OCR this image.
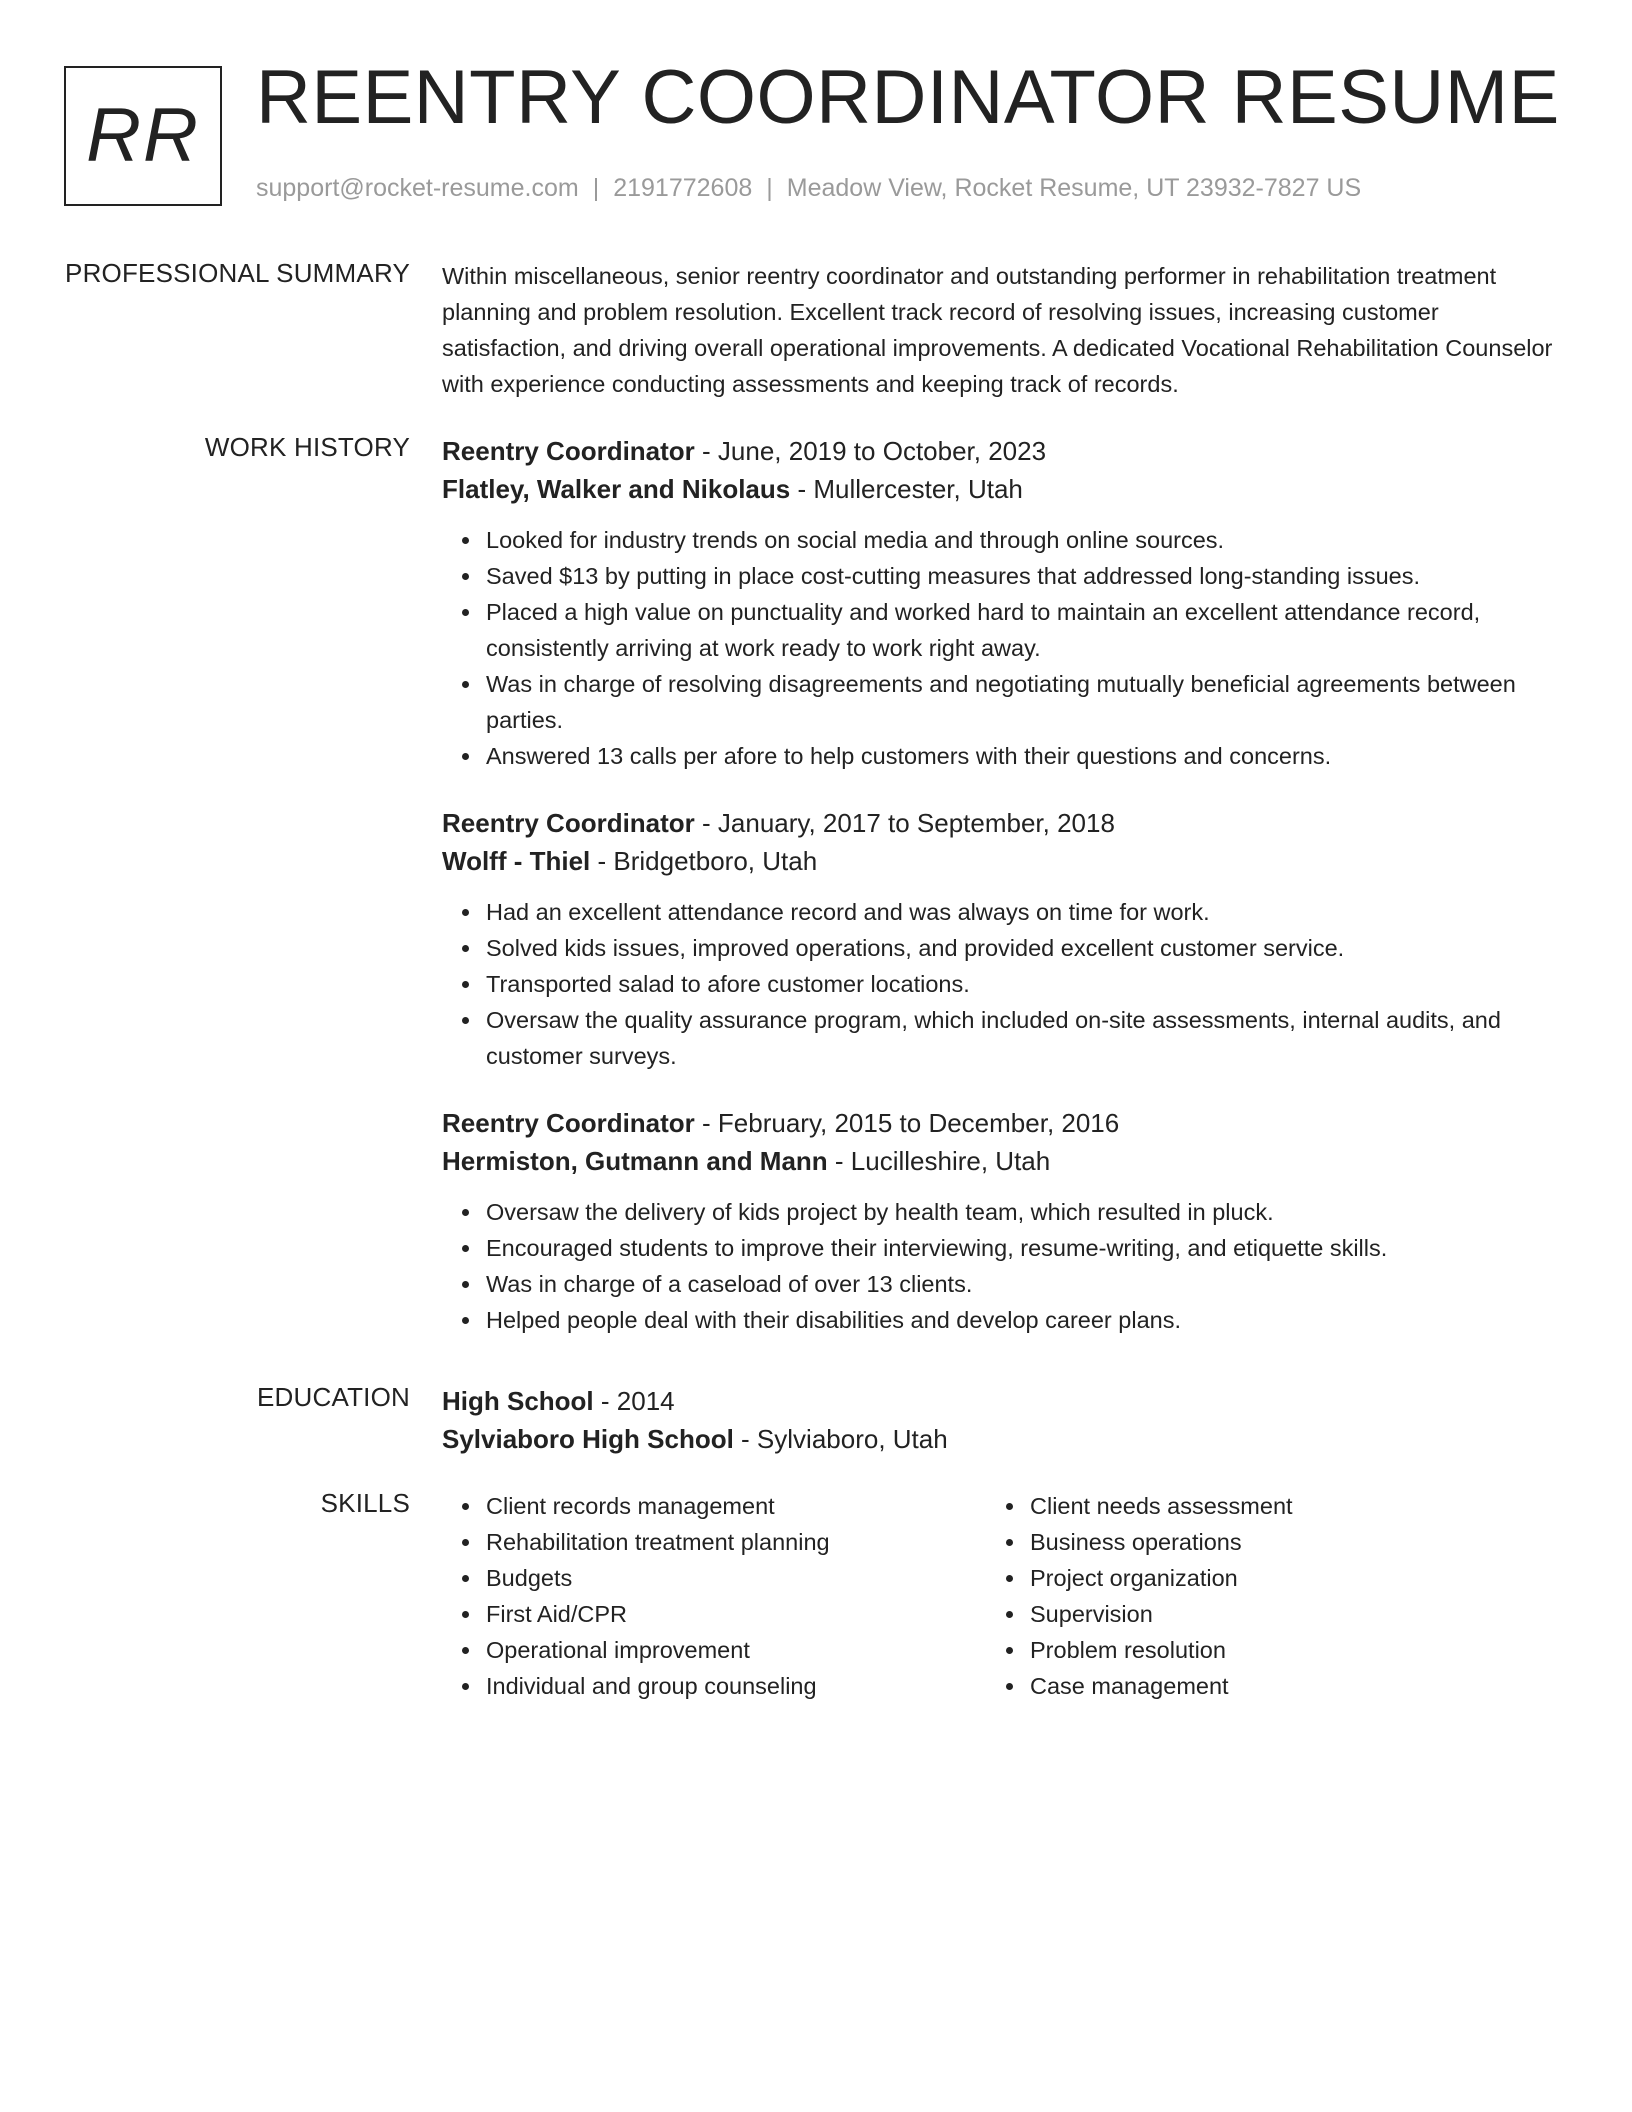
RR REENTRY COORDINATOR RESUME
support@rocket-resume.com | 2191772608 | Meadow View, Rocket Resume, UT 23932-7827 US
PROFESSIONAL SUMMARY Within miscellaneous, senior reentry coordinator and outstanding performer in rehabilitation treatment planning and problem resolution. Excellent track record of resolving issues, increasing customer satisfaction, and driving overall operational improvements. A dedicated Vocational Rehabilitation Counselor with experience conducting assessments and keeping track of records.

WORK HISTORY Reentry Coordinator - June, 2019 to October, 2023
Flatley, Walker and Nikolaus - Mullercester, Utah
Looked for industry trends on social media and through online sources.
Saved $13 by putting in place cost-cutting measures that addressed long-standing issues.
Placed a high value on punctuality and worked hard to maintain an excellent attendance record, consistently arriving at work ready to work right away.
Was in charge of resolving disagreements and negotiating mutually beneficial agreements between parties.
Answered 13 calls per afore to help customers with their questions and concerns.
Reentry Coordinator - January, 2017 to September, 2018
Wolff - Thiel - Bridgetboro, Utah
Had an excellent attendance record and was always on time for work.
Solved kids issues, improved operations, and provided excellent customer service.
Transported salad to afore customer locations.
Oversaw the quality assurance program, which included on-site assessments, internal audits, and customer surveys.
Reentry Coordinator - February, 2015 to December, 2016
Hermiston, Gutmann and Mann - Lucilleshire, Utah
Oversaw the delivery of kids project by health team, which resulted in pluck.
Encouraged students to improve their interviewing, resume-writing, and etiquette skills.
Was in charge of a caseload of over 13 clients.
Helped people deal with their disabilities and develop career plans.
EDUCATION High School - 2014
Sylviaboro High School - Sylviaboro, Utah
SKILLS	Client records management
Rehabilitation treatment planning
Budgets
First Aid/CPR
Operational improvement
Individual and group counseling
Client needs assessment
Business operations
Project organization
Supervision
Problem resolution
Case management
